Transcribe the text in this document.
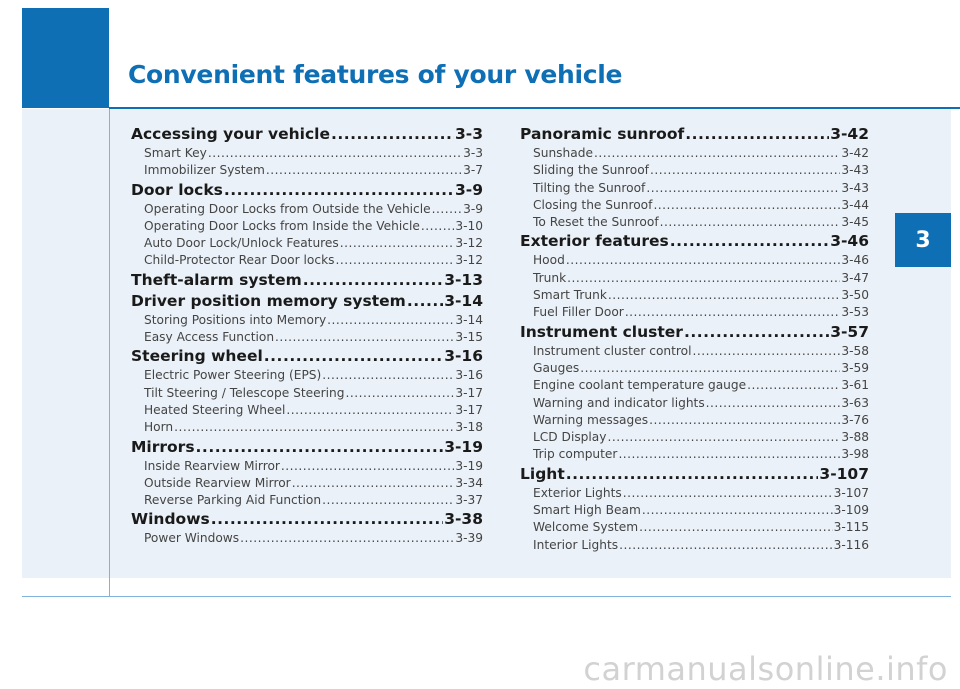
Convenient features of your vehicle
3
Accessing your vehicle .....	3-3
Smart Key .....	3-3
Immobilizer System .....	3-7
Door locks .....	3-9
Operating Door Locks from Outside the Vehicle .....	3-9
Operating Door Locks from Inside the Vehicle .....	3-10
Auto Door Lock/Unlock Features .....	3-12
Child-Protector Rear Door locks .....	3-12
Theft-alarm system .....	3-13
Driver position memory system ..... 3-14
Storing Positions into Memory .....	3-14
Easy Access Function .....	3-15
Steering wheel .....	3-16
Electric Power Steering (EPS) .....	3-16
Tilt Steering / Telescope Steering .....	3-17
Heated Steering Wheel .....	3-17
Horn .....	3-18
Mirrors .....	3-19
Inside Rearview Mirror .....	3-19
Outside Rearview Mirror .....	3-34
Reverse Parking Aid Function .....	3-37
Windows .....	3-38
Power Windows .....	3-39
Panoramic sunroof .....	3-42
Sunshade .....	3-42
Sliding the Sunroof .....	3-43
Tilting the Sunroof .....	3-43
Closing the Sunroof .....	3-44
To Reset the Sunroof .....	3-45
Exterior features .....	3-46
Hood .....	3-46
Trunk .....	3-47
Smart Trunk .....	3-50
Fuel Filler Door .....	3-53
Instrument cluster .....	3-57
Instrument cluster control .....	3-58
Gauges .....	3-59
Engine coolant temperature gauge .....	3-61
Warning and indicator lights .....	3-63
Warning messages .....	3-76
LCD Display .....	3-88
Trip computer .....	3-98
Light .....	3-107
Exterior Lights .....	3-107
Smart High Beam .....	3-109
Welcome System .....	3-115
Interior Lights .....	3-116
carmanualsonline.info
